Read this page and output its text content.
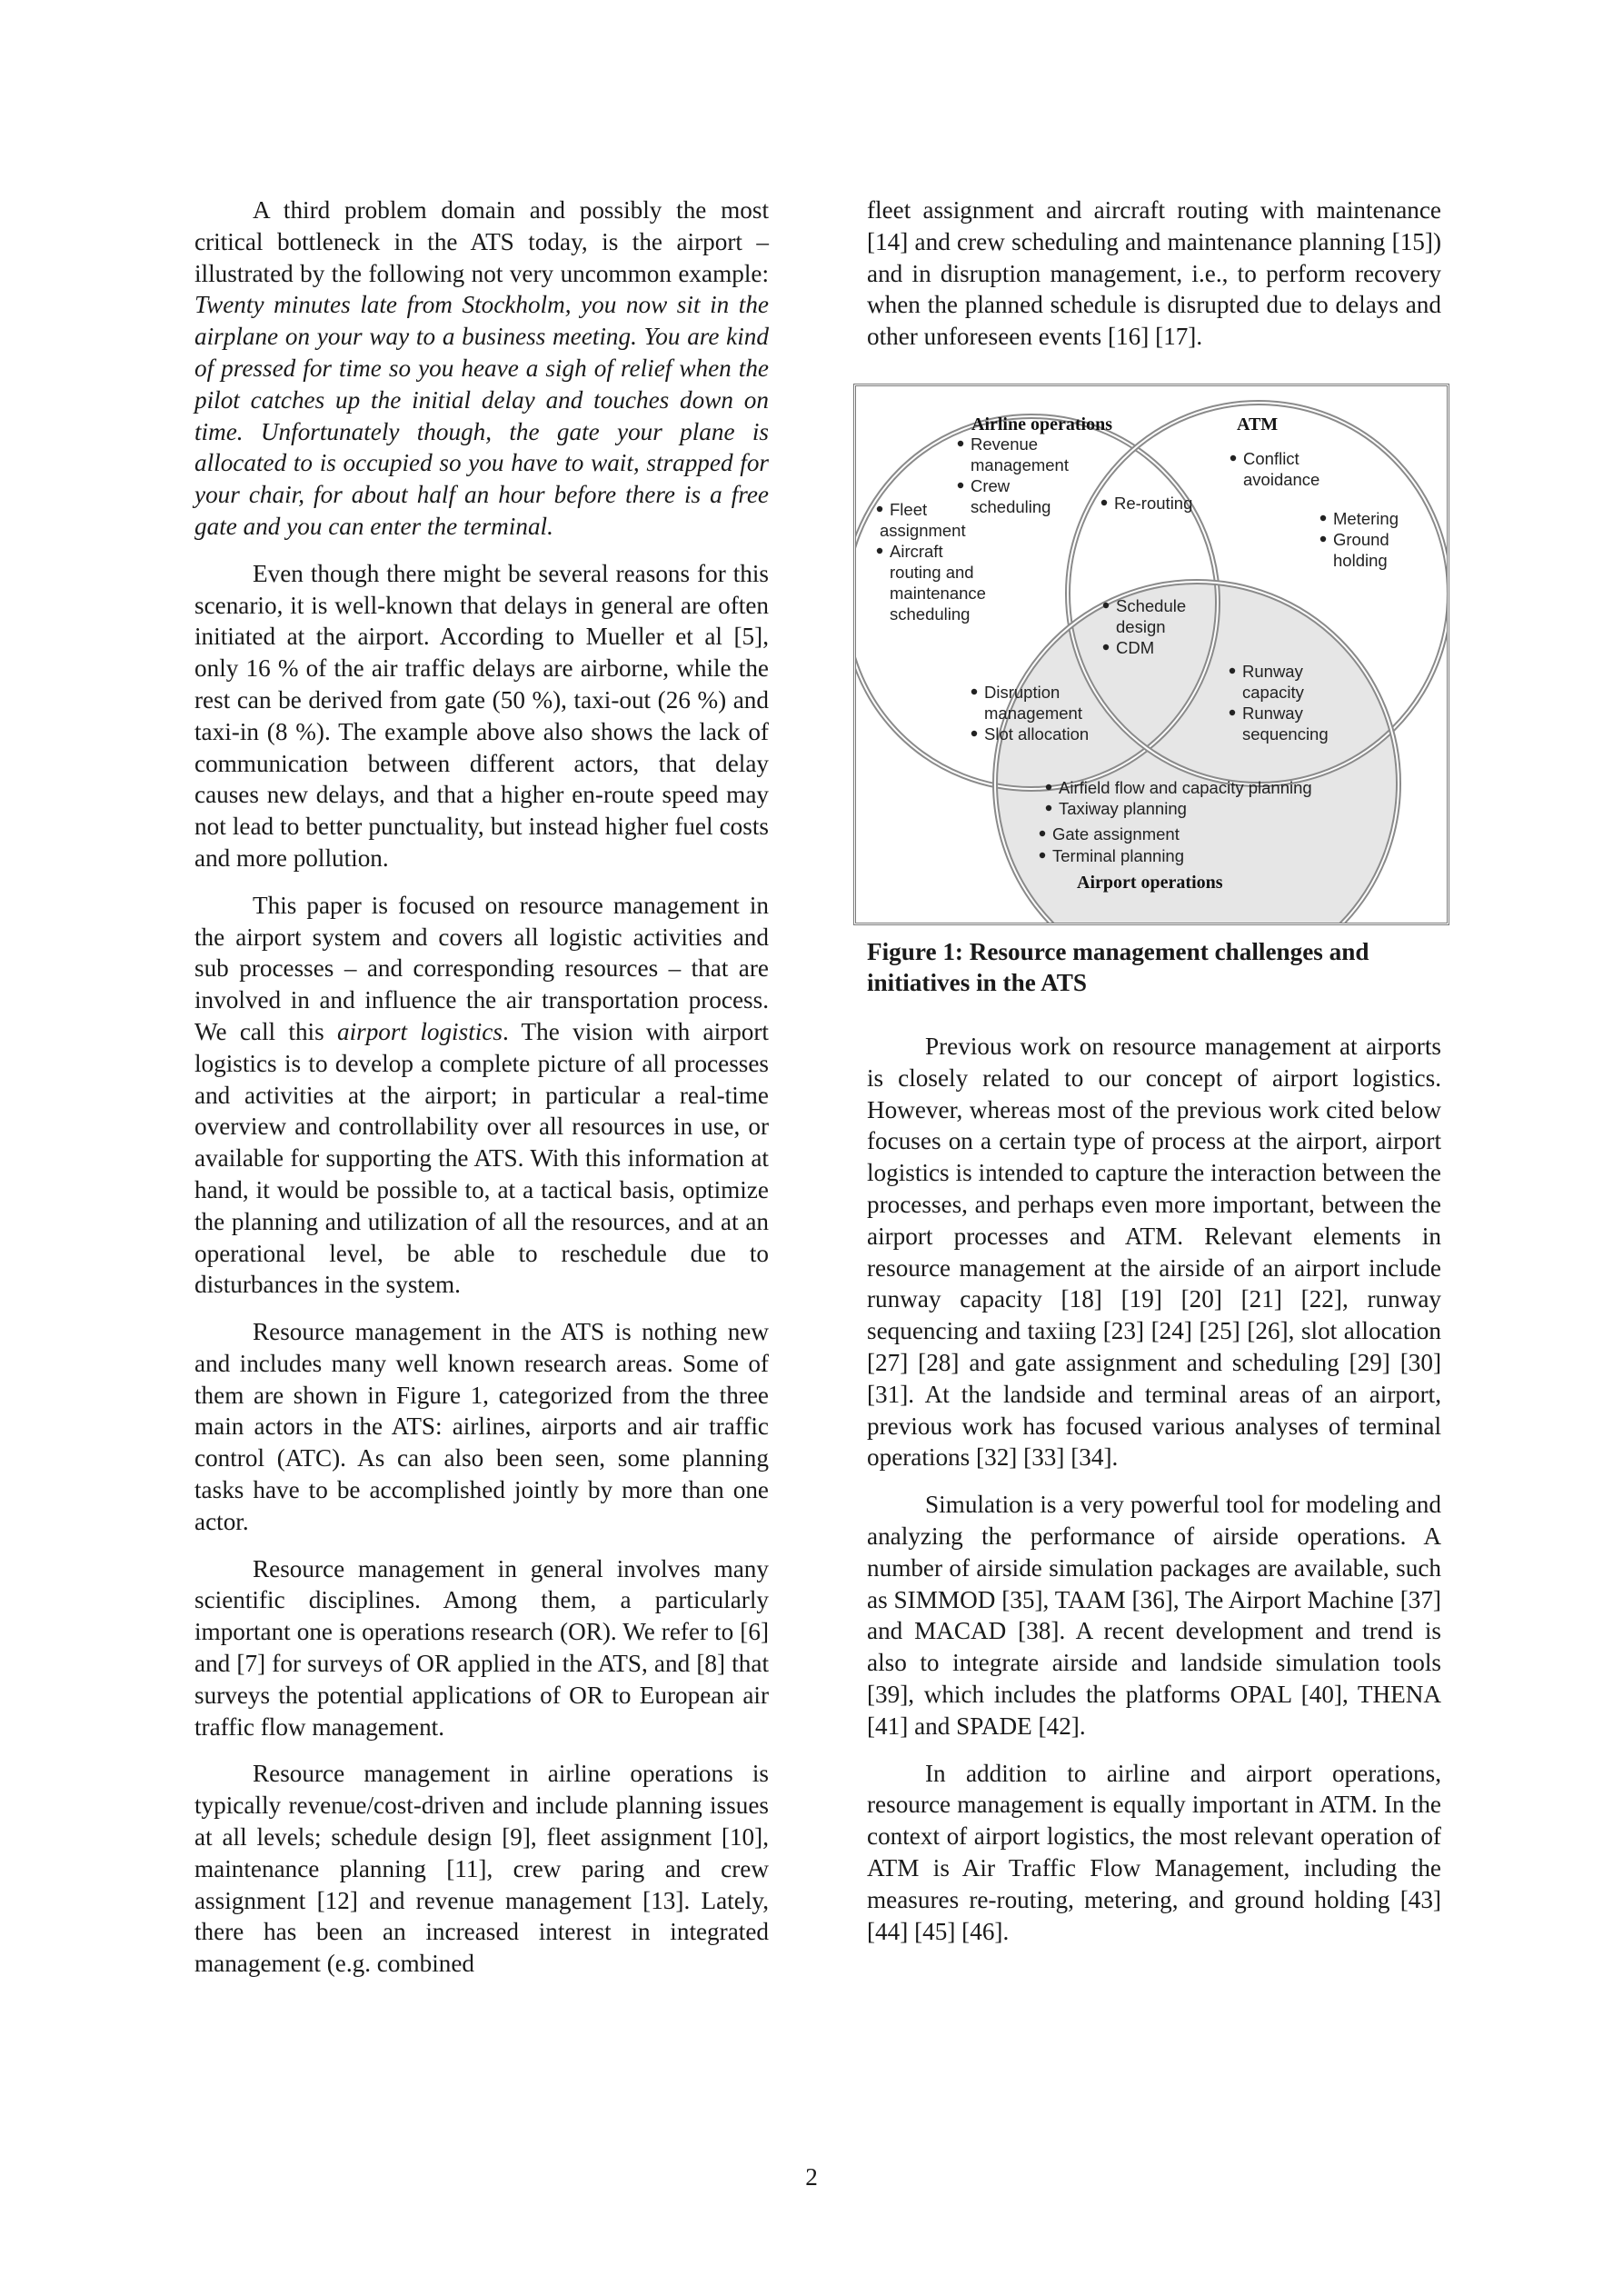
A third problem domain and possibly the most critical bottleneck in the ATS today, is the airport – illustrated by the following not very uncommon example: Twenty minutes late from Stockholm, you now sit in the airplane on your way to a business meeting. You are kind of pressed for time so you heave a sigh of relief when the pilot catches up the initial delay and touches down on time. Unfortunately though, the gate your plane is allocated to is occupied so you have to wait, strapped for your chair, for about half an hour before there is a free gate and you can enter the terminal.

Even though there might be several reasons for this scenario, it is well-known that delays in general are often initiated at the airport. According to Mueller et al [5], only 16 % of the air traffic delays are airborne, while the rest can be derived from gate (50 %), taxi-out (26 %) and taxi-in (8 %). The example above also shows the lack of communication between different actors, that delay causes new delays, and that a higher en-route speed may not lead to better punctuality, but instead higher fuel costs and more pollution.

This paper is focused on resource management in the airport system and covers all logistic activities and sub processes – and corresponding resources – that are involved in and influence the air transportation process. We call this airport logistics. The vision with airport logistics is to develop a complete picture of all processes and activities at the airport; in particular a real-time overview and controllability over all resources in use, or available for supporting the ATS. With this information at hand, it would be possible to, at a tactical basis, optimize the planning and utilization of all the resources, and at an operational level, be able to reschedule due to disturbances in the system.

Resource management in the ATS is nothing new and includes many well known research areas. Some of them are shown in Figure 1, categorized from the three main actors in the ATS: airlines, airports and air traffic control (ATC). As can also been seen, some planning tasks have to be accomplished jointly by more than one actor.

Resource management in general involves many scientific disciplines. Among them, a particularly important one is operations research (OR). We refer to [6] and [7] for surveys of OR applied in the ATS, and [8] that surveys the potential applications of OR to European air traffic flow management.

Resource management in airline operations is typically revenue/cost-driven and include planning issues at all levels; schedule design [9], fleet assignment [10], maintenance planning [11], crew paring and crew assignment [12] and revenue management [13]. Lately, there has been an increased interest in integrated management (e.g. combined

fleet assignment and aircraft routing with maintenance [14] and crew scheduling and maintenance planning [15]) and in disruption management, i.e., to perform recovery when the planned schedule is disrupted due to delays and other unforeseen events [16] [17].

Airline operations	ATM
Airport operations
Revenue
management
Crew
scheduling
Fleet
assignment
Aircraft
routing and
maintenance
scheduling
Conflict
avoidance
Metering
Ground
holding
Re-routing
Schedule
design
CDM
Disruption
management
Slot allocation
Runway
capacity
Runway
sequencing
Airfield flow and capacity planning
Taxiway planning
Gate assignment
Terminal planning
Figure 1: Resource management challenges and initiatives in the ATS

Previous work on resource management at airports is closely related to our concept of airport logistics. However, whereas most of the previous work cited below focuses on a certain type of process at the airport, airport logistics is intended to capture the interaction between the processes, and perhaps even more important, between the airport processes and ATM. Relevant elements in resource management at the airside of an airport include runway capacity [18] [19] [20] [21] [22], runway sequencing and taxiing [23] [24] [25] [26], slot allocation [27] [28] and gate assignment and scheduling [29] [30] [31]. At the landside and terminal areas of an airport, previous work has focused various analyses of terminal operations [32] [33] [34].

Simulation is a very powerful tool for modeling and analyzing the performance of airside operations. A number of airside simulation packages are available, such as SIMMOD [35], TAAM [36], The Airport Machine [37] and MACAD [38]. A recent development and trend is also to integrate airside and landside simulation tools [39], which includes the platforms OPAL [40], THENA [41] and SPADE [42].

In addition to airline and airport operations, resource management is equally important in ATM. In the context of airport logistics, the most relevant operation of ATM is Air Traffic Flow Management, including the measures re-routing, metering, and ground holding [43] [44] [45] [46].

2
